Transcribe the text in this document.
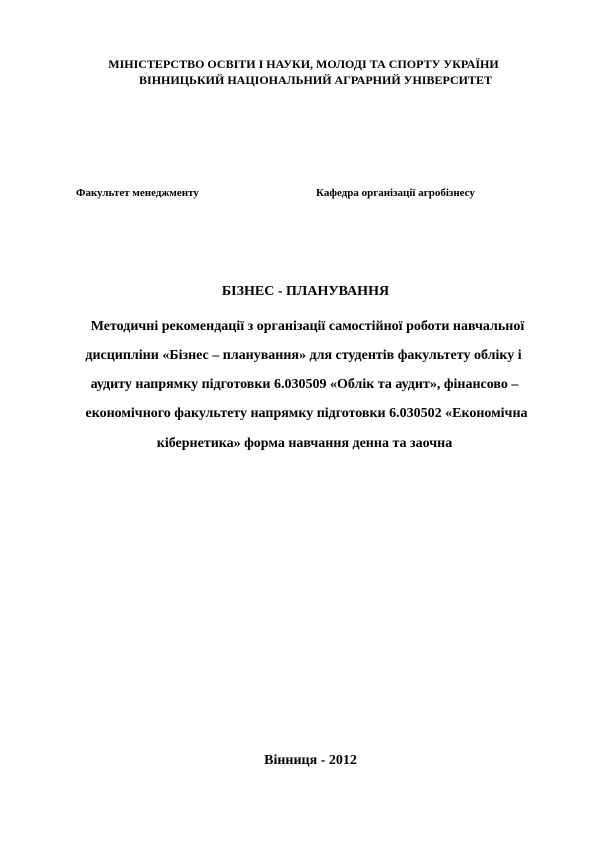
МІНІСТЕРСТВО ОСВІТИ І НАУКИ, МОЛОДІ ТА СПОРТУ УКРАЇНИ
ВІННИЦЬКИЙ НАЦІОНАЛЬНИЙ АГРАРНИЙ УНІВЕРСИТЕТ
Факультет менеджменту	Кафедра організації агробізнесу
БІЗНЕС - ПЛАНУВАННЯ
Методичні рекомендації з організації самостійної роботи навчальної
дисципліни «Бізнес – планування» для студентів факультету обліку і
аудиту напрямку підготовки 6.030509 «Облік та аудит», фінансово –
економічного факультету напрямку підготовки 6.030502 «Економічна
кібернетика» форма навчання денна та заочна
Вінниця - 2012
